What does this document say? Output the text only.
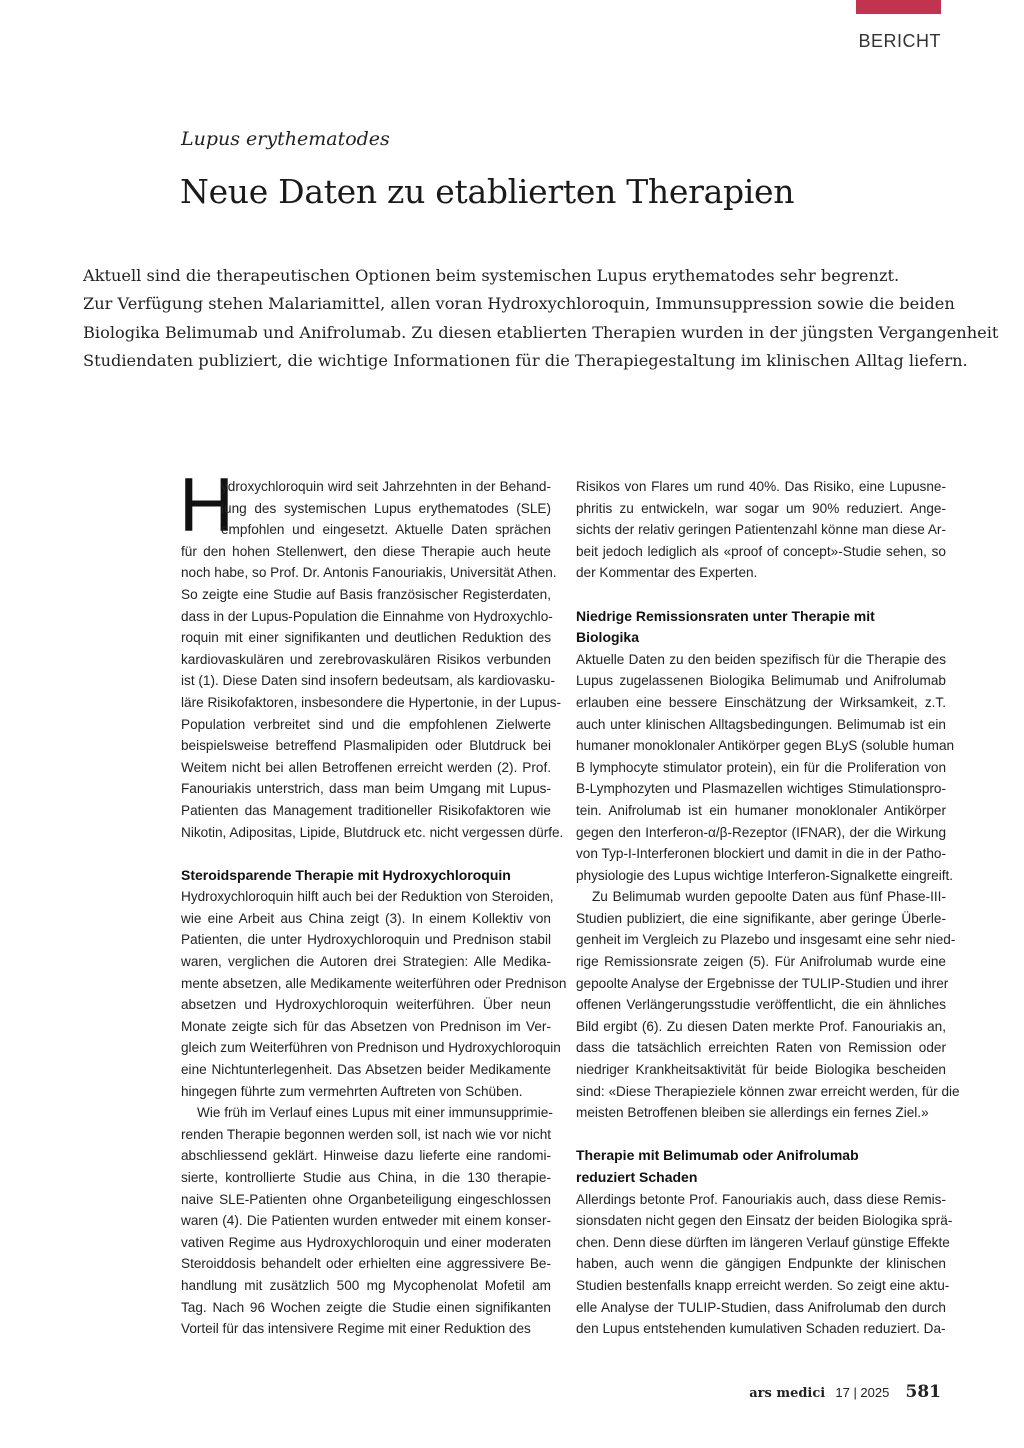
BERICHT
Lupus erythematodes
Neue Daten zu etablierten Therapien
Aktuell sind die therapeutischen Optionen beim systemischen Lupus erythematodes sehr begrenzt.
Zur Verfügung stehen Malariamittel, allen voran Hydroxychloroquin, Immunsuppression sowie die beiden
Biologika Belimumab und Anifrolumab. Zu diesen etablierten Therapien wurden in der jüngsten Vergangenheit
Studiendaten publiziert, die wichtige Informationen für die Therapiegestaltung im klinischen Alltag liefern.
H
ydroxychloroquin wird seit Jahrzehnten in der Behand-
lung des systemischen Lupus erythematodes (SLE)
empfohlen und eingesetzt. Aktuelle Daten sprächen
für den hohen Stellenwert, den diese Therapie auch heute
noch habe, so Prof. Dr. Antonis Fanouriakis, Universität Athen.
So zeigte eine Studie auf Basis französischer Registerdaten,
dass in der Lupus-Population die Einnahme von Hydroxychlo-
roquin mit einer signifikanten und deutlichen Reduktion des
kardiovaskulären und zerebrovaskulären Risikos verbunden
ist (1). Diese Daten sind insofern bedeutsam, als kardiovasku-
läre Risikofaktoren, insbesondere die Hypertonie, in der Lupus-
Population verbreitet sind und die empfohlenen Zielwerte
beispielsweise betreffend Plasmalipiden oder Blutdruck bei
Weitem nicht bei allen Betroffenen erreicht werden (2). Prof.
Fanouriakis unterstrich, dass man beim Umgang mit Lupus-
Patienten das Management traditioneller Risikofaktoren wie
Nikotin, Adipositas, Lipide, Blutdruck etc. nicht vergessen dürfe.
Steroidsparende Therapie mit Hydroxychloroquin
Hydroxychloroquin hilft auch bei der Reduktion von Steroiden,
wie eine Arbeit aus China zeigt (3). In einem Kollektiv von
Patienten, die unter Hydroxychloroquin und Prednison stabil
waren, verglichen die Autoren drei Strategien: Alle Medika-
mente absetzen, alle Medikamente weiterführen oder Prednison
absetzen und Hydroxychloroquin weiterführen. Über neun
Monate zeigte sich für das Absetzen von Prednison im Ver-
gleich zum Weiterführen von Prednison und Hydroxychloroquin
eine Nichtunterlegenheit. Das Absetzen beider Medikamente
hingegen führte zum vermehrten Auftreten von Schüben.
Wie früh im Verlauf eines Lupus mit einer immunsupprimie-
renden Therapie begonnen werden soll, ist nach wie vor nicht
abschliessend geklärt. Hinweise dazu lieferte eine randomi-
sierte, kontrollierte Studie aus China, in die 130 therapie-
naive SLE-Patienten ohne Organbeteiligung eingeschlossen
waren (4). Die Patienten wurden entweder mit einem konser-
vativen Regime aus Hydroxychloroquin und einer moderaten
Steroiddosis behandelt oder erhielten eine aggressivere Be-
handlung mit zusätzlich 500 mg Mycophenolat Mofetil am
Tag. Nach 96 Wochen zeigte die Studie einen signifikanten
Vorteil für das intensivere Regime mit einer Reduktion des
Risikos von Flares um rund 40%. Das Risiko, eine Lupusne-
phritis zu entwickeln, war sogar um 90% reduziert. Ange-
sichts der relativ geringen Patientenzahl könne man diese Ar-
beit jedoch lediglich als «proof of concept»-Studie sehen, so
der Kommentar des Experten.
Niedrige Remissionsraten unter Therapie mit
Biologika
Aktuelle Daten zu den beiden spezifisch für die Therapie des
Lupus zugelassenen Biologika Belimumab und Anifrolumab
erlauben eine bessere Einschätzung der Wirksamkeit, z.T.
auch unter klinischen Alltagsbedingungen. Belimumab ist ein
humaner monoklonaler Antikörper gegen BLyS (soluble human
B lymphocyte stimulator protein), ein für die Proliferation von
B-Lymphozyten und Plasmazellen wichtiges Stimulationspro-
tein. Anifrolumab ist ein humaner monoklonaler Antikörper
gegen den Interferon-α/β-Rezeptor (IFNAR), der die Wirkung
von Typ-I-Interferonen blockiert und damit in die in der Patho-
physiologie des Lupus wichtige Interferon-Signalkette eingreift.
Zu Belimumab wurden gepoolte Daten aus fünf Phase-III-
Studien publiziert, die eine signifikante, aber geringe Überle-
genheit im Vergleich zu Plazebo und insgesamt eine sehr nied-
rige Remissionsrate zeigen (5). Für Anifrolumab wurde eine
gepoolte Analyse der Ergebnisse der TULIP-Studien und ihrer
offenen Verlängerungsstudie veröffentlicht, die ein ähnliches
Bild ergibt (6). Zu diesen Daten merkte Prof. Fanouriakis an,
dass die tatsächlich erreichten Raten von Remission oder
niedriger Krankheitsaktivität für beide Biologika bescheiden
sind: «Diese Therapieziele können zwar erreicht werden, für die
meisten Betroffenen bleiben sie allerdings ein fernes Ziel.»
Therapie mit Belimumab oder Anifrolumab
reduziert Schaden
Allerdings betonte Prof. Fanouriakis auch, dass diese Remis-
sionsdaten nicht gegen den Einsatz der beiden Biologika sprä-
chen. Denn diese dürften im längeren Verlauf günstige Effekte
haben, auch wenn die gängigen Endpunkte der klinischen
Studien bestenfalls knapp erreicht werden. So zeigt eine aktu-
elle Analyse der TULIP-Studien, dass Anifrolumab den durch
den Lupus entstehenden kumulativen Schaden reduziert. Da-
ars medici 17 | 2025 581
